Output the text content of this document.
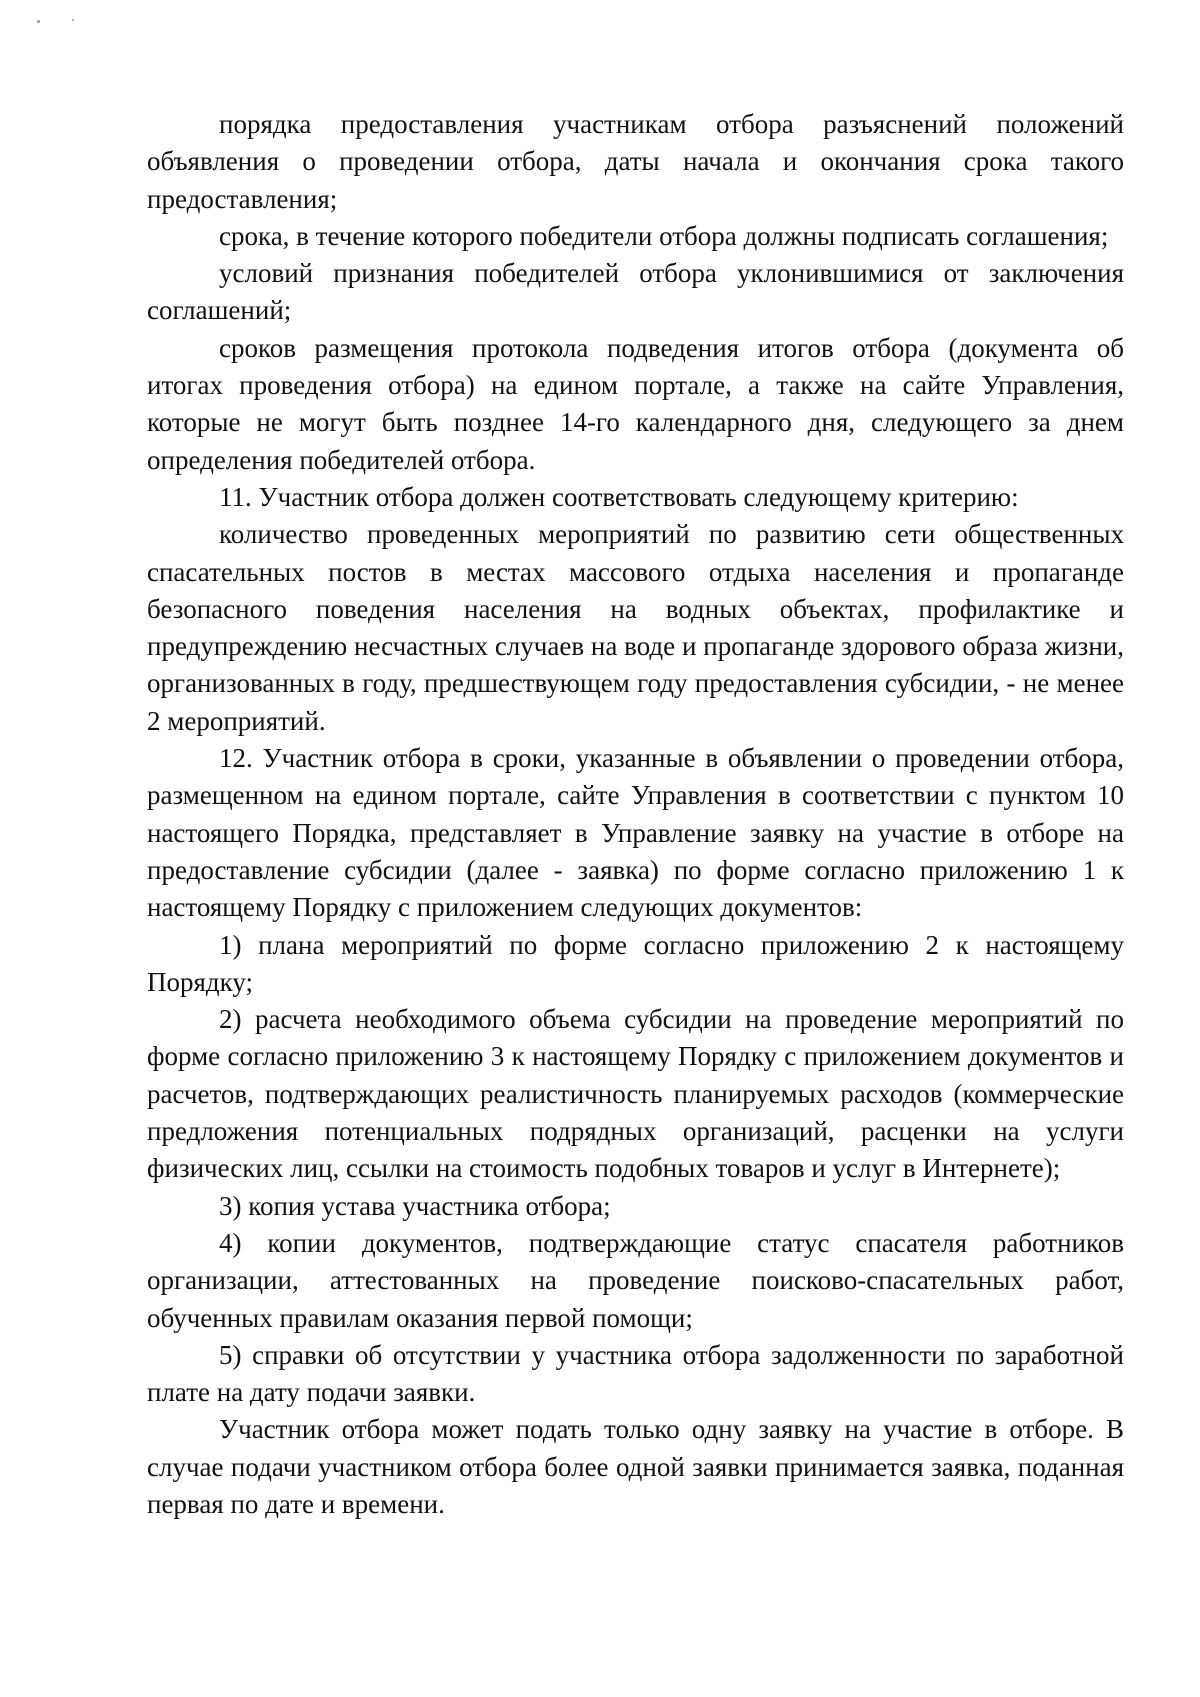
порядка предоставления участникам отбора разъяснений положений объявления о проведении отбора, даты начала и окончания срока такого предоставления;

срока, в течение которого победители отбора должны подписать соглашения;

условий признания победителей отбора уклонившимися от заключения соглашений;

сроков размещения протокола подведения итогов отбора (документа об итогах проведения отбора) на едином портале, а также на сайте Управления, которые не могут быть позднее 14-го календарного дня, следующего за днем определения победителей отбора.

11. Участник отбора должен соответствовать следующему критерию:

количество проведенных мероприятий по развитию сети общественных спасательных постов в местах массового отдыха населения и пропаганде безопасного поведения населения на водных объектах, профилактике и предупреждению несчастных случаев на воде и пропаганде здорового образа жизни, организованных в году, предшествующем году предоставления субсидии, - не менее 2 мероприятий.

12. Участник отбора в сроки, указанные в объявлении о проведении отбора, размещенном на едином портале, сайте Управления в соответствии с пунктом 10 настоящего Порядка, представляет в Управление заявку на участие в отборе на предоставление субсидии (далее - заявка) по форме согласно приложению 1 к настоящему Порядку с приложением следующих документов:

1) плана мероприятий по форме согласно приложению 2 к настоящему Порядку;

2) расчета необходимого объема субсидии на проведение мероприятий по форме согласно приложению 3 к настоящему Порядку с приложением документов и расчетов, подтверждающих реалистичность планируемых расходов (коммерческие предложения потенциальных подрядных организаций, расценки на услуги физических лиц, ссылки на стоимость подобных товаров и услуг в Интернете);

3) копия устава участника отбора;

4) копии документов, подтверждающие статус спасателя работников организации, аттестованных на проведение поисково-спасательных работ, обученных правилам оказания первой помощи;

5) справки об отсутствии у участника отбора задолженности по заработной плате на дату подачи заявки.

Участник отбора может подать только одну заявку на участие в отборе. В случае подачи участником отбора более одной заявки принимается заявка, поданная первая по дате и времени.
